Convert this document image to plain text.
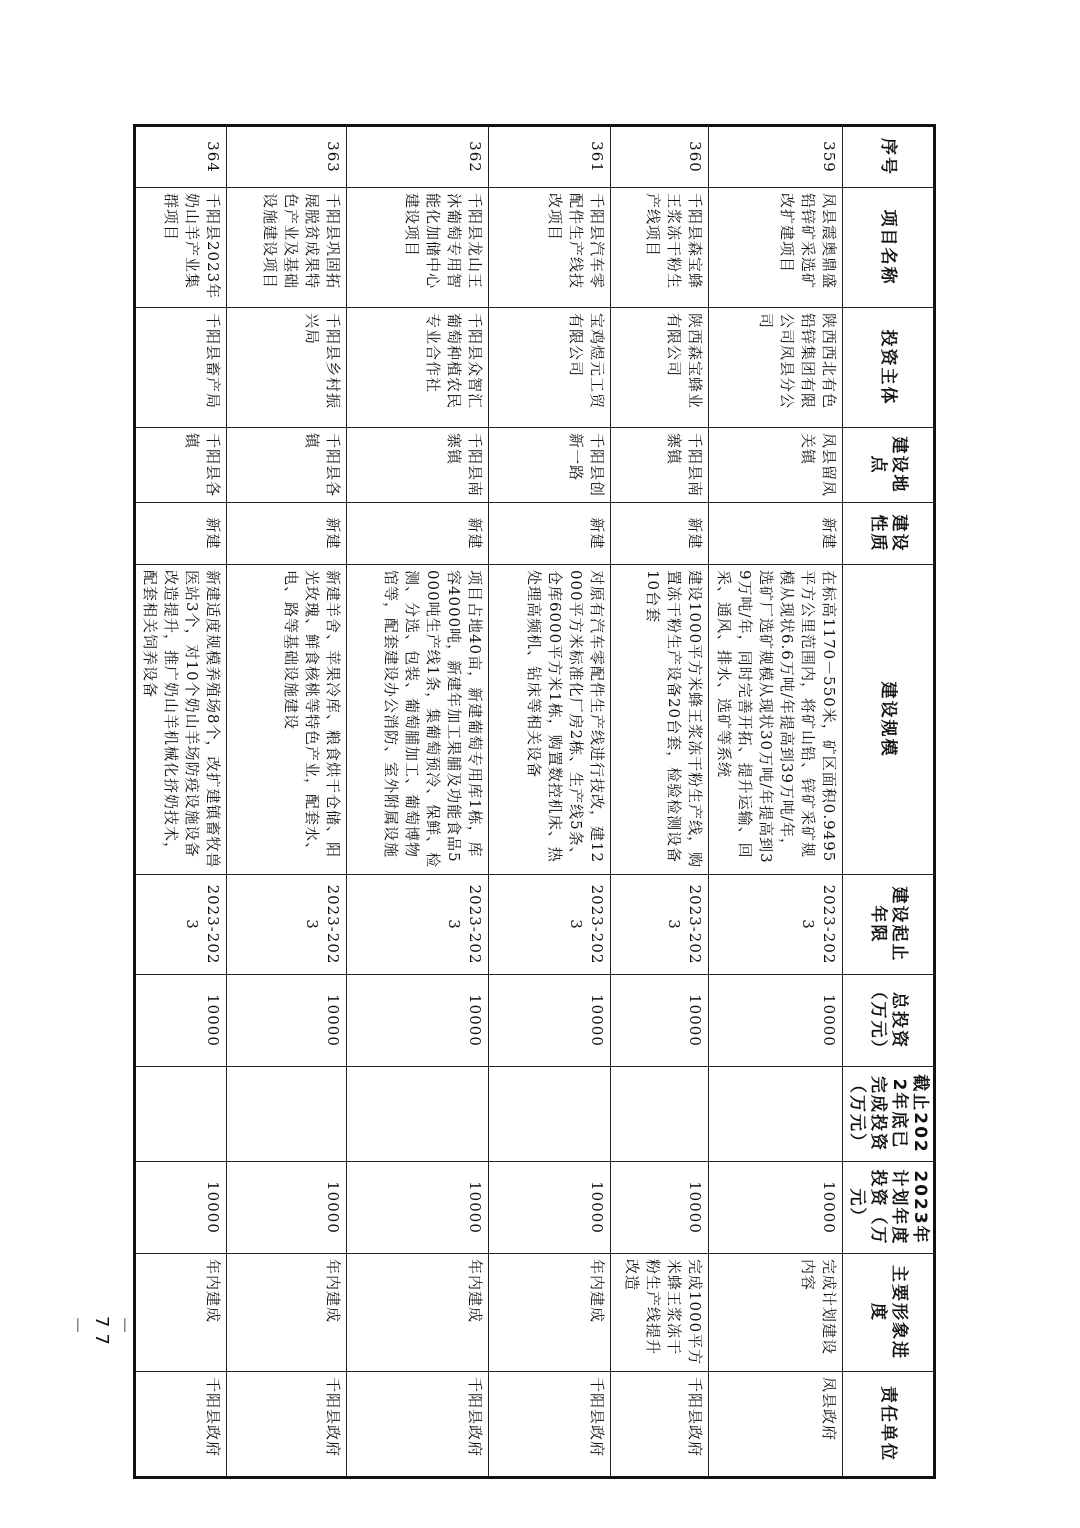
序号	项目名称	投资主体	建设地点	建设性质	建设规模	建设起止年限	总投资（万元）	截止2022年底已完成投资（万元）	2023年计划年度投资（万元）	主要形象进度	责任单位
359	凤县震奥鼎盛铅锌矿采选矿改扩建项目	陕西西北有色铅锌集团有限公司凤县分公司	凤县留凤关镇	新建	在标高1170－550米，矿区面积0.9495平方公里范围内，将矿山铅、锌矿采矿规模从现状6.6万吨/年提高到39万吨/年，选矿厂选矿规模从现状30万吨/年提高到39万吨/年，同时完善开拓、提升运输、回采、通风、排水、选矿等系统	2023-2023	10000		10000	完成计划建设内容	凤县政府
360	千阳县森宝蜂王浆冻干粉生产线项目	陕西森宝蜂业有限公司	千阳县南寨镇	新建	建设1000平方米蜂王浆冻干粉生产线，购置冻干粉生产设备20台套，检验检测设备10台套	2023-2023	10000		10000	完成1000平方米蜂王浆冻干粉生产线提升改造	千阳县政府
361	千阳县汽车零配件生产线技改项目	宝鸡煜元工贸有限公司	千阳县创新一路	新建	对原有汽车零配件生产线进行技改，建12000平方米标准化厂房2栋、生产线5条、仓库6000平方米1栋，购置数控机床、热处理高频机、钻床等相关设备	2023-2023	10000		10000	年内建成	千阳县政府
362	千阳县龙山王沐葡萄专用智能化加储中心建设项目	千阳县众智汇葡萄种植农民专业合作社	千阳县南寨镇	新建	项目占地40亩，新建葡萄专用库1栋，库容4000吨，新建年加工果脯及功能食品5000吨生产线1条，集葡萄预冷、保鲜、检测、分选、包装、葡萄脯加工、葡萄博物馆等，配套建设办公消防、室外附属设施	2023-2023	10000		10000	年内建成	千阳县政府
363	千阳县巩固拓展脱贫成果特色产业及基础设施建设项目	千阳县乡村振兴局	千阳县各镇	新建	新建羊舍、苹果冷库、粮食烘干仓储、阳光玫瑰、鲜食核桃等特色产业，配套水、电、路等基础设施建设	2023-2023	10000		10000	年内建成	千阳县政府
364	千阳县2023年奶山羊产业集群项目	千阳县畜产局	千阳县各镇	新建	新建适度规模养殖场8个，改扩建镇畜牧兽医站3个，对10个奶山羊场防疫设施设备改造提升，推广奶山羊机械化挤奶技术，配套相关饲养设备	2023-2023	10000		10000	年内建成	千阳县政府
－ 77 －
